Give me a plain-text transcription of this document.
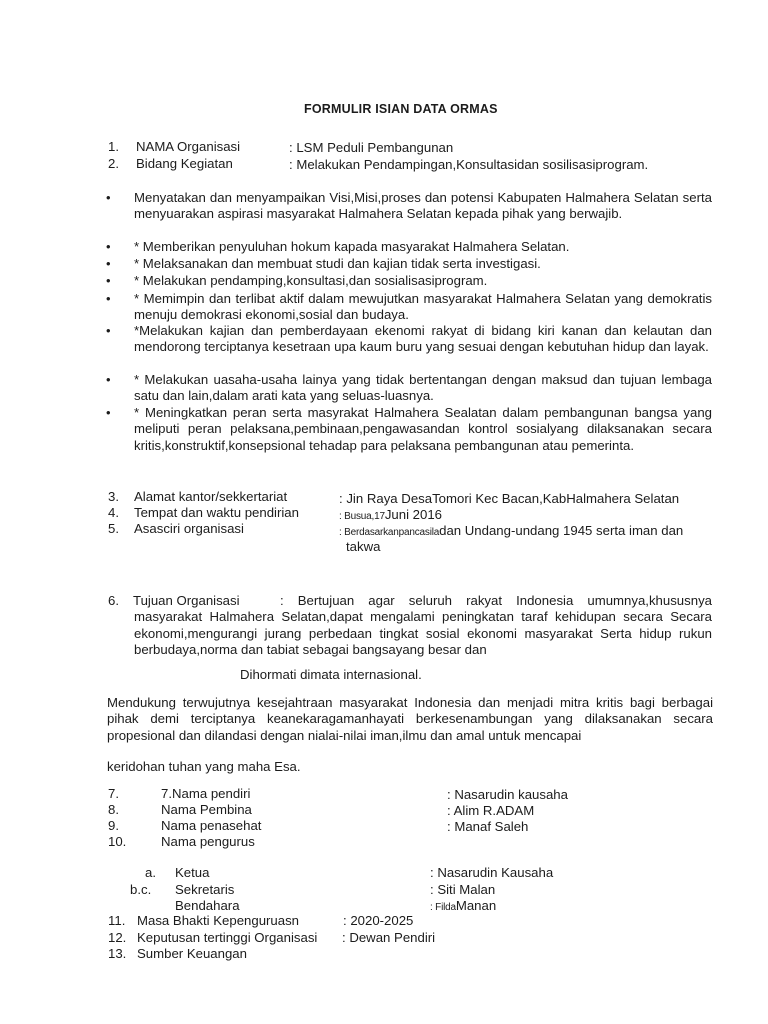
FORMULIR ISIAN DATA ORMAS
1. NAMA Organisasi	: LSM Peduli Pembangunan
2. Bidang Kegiatan	: Melakukan Pendampingan,Konsultasidan sosilisasiprogram.
• Menyatakan dan menyampaikan Visi,Misi,proses dan potensi Kabupaten Halmahera Selatan serta menyuarakan aspirasi masyarakat Halmahera Selatan kepada pihak yang berwajib.
• * Memberikan penyuluhan hokum kapada masyarakat Halmahera Selatan.
• * Melaksanakan dan membuat studi dan kajian tidak serta investigasi.
• * Melakukan pendamping,konsultasi,dan sosialisasiprogram.
• * Memimpin dan terlibat aktif dalam mewujutkan masyarakat Halmahera Selatan yang demokratis menuju demokrasi ekonomi,sosial dan budaya.
• *Melakukan kajian dan pemberdayaan ekenomi rakyat di bidang kiri kanan dan kelautan dan mendorong terciptanya kesetraan upa kaum buru yang sesuai dengan kebutuhan hidup dan layak.
• * Melakukan uasaha-usaha lainya yang tidak bertentangan dengan maksud dan tujuan lembaga satu dan lain,dalam arati kata yang seluas-luasnya.
• * Meningkatkan peran serta masyrakat Halmahera Sealatan dalam pembangunan bangsa yang meliputi peran pelaksana,pembinaan,pengawasandan kontrol sosialyang dilaksanakan secara kritis,konstruktif,konsepsional tehadap para pelaksana pembangunan atau pemerinta.
3. Alamat kantor/sekkertariat	: Jin Raya DesaTomori Kec Bacan,KabHalmahera Selatan
4. Tempat dan waktu pendirian	: Busua,17Juni 2016
5. Asasciri organisasi	: Berdasarkanpancasiladan Undang-undang 1945 serta iman dan
takwa
6. Tujuan Organisasi	: Bertujuan agar seluruh rakyat Indonesia umumnya,khususnya masyarakat Halmahera Selatan,dapat mengalami peningkatan taraf kehidupan secara Secara ekonomi,mengurangi jurang perbedaan tingkat sosial ekonomi masyarakat Serta hidup rukun berbudaya,norma dan tabiat sebagai bangsayang besar dan
Dihormati dimata internasional.
Mendukung terwujutnya kesejahtraan masyarakat Indonesia dan menjadi mitra kritis bagi berbagai pihak demi terciptanya keanekaragamanhayati berkesenambungan yang dilaksanakan secara propesional dan dilandasi dengan nialai-nilai iman,ilmu dan amal untuk mencapai
keridohan tuhan yang maha Esa.
7.	7.Nama pendiri	: Nasarudin kausaha
8.	Nama Pembina	: Alim R.ADAM
9.	Nama penasehat	: Manaf Saleh
10.	Nama pengurus
a. Ketua	: Nasarudin Kausaha
b.c. Sekretaris	: Siti Malan
Bendahara	: FildaManan
11. Masa Bhakti Kepenguruasn	: 2020-2025
12. Keputusan tertinggi Organisasi : Dewan Pendiri
13. Sumber Keuangan
